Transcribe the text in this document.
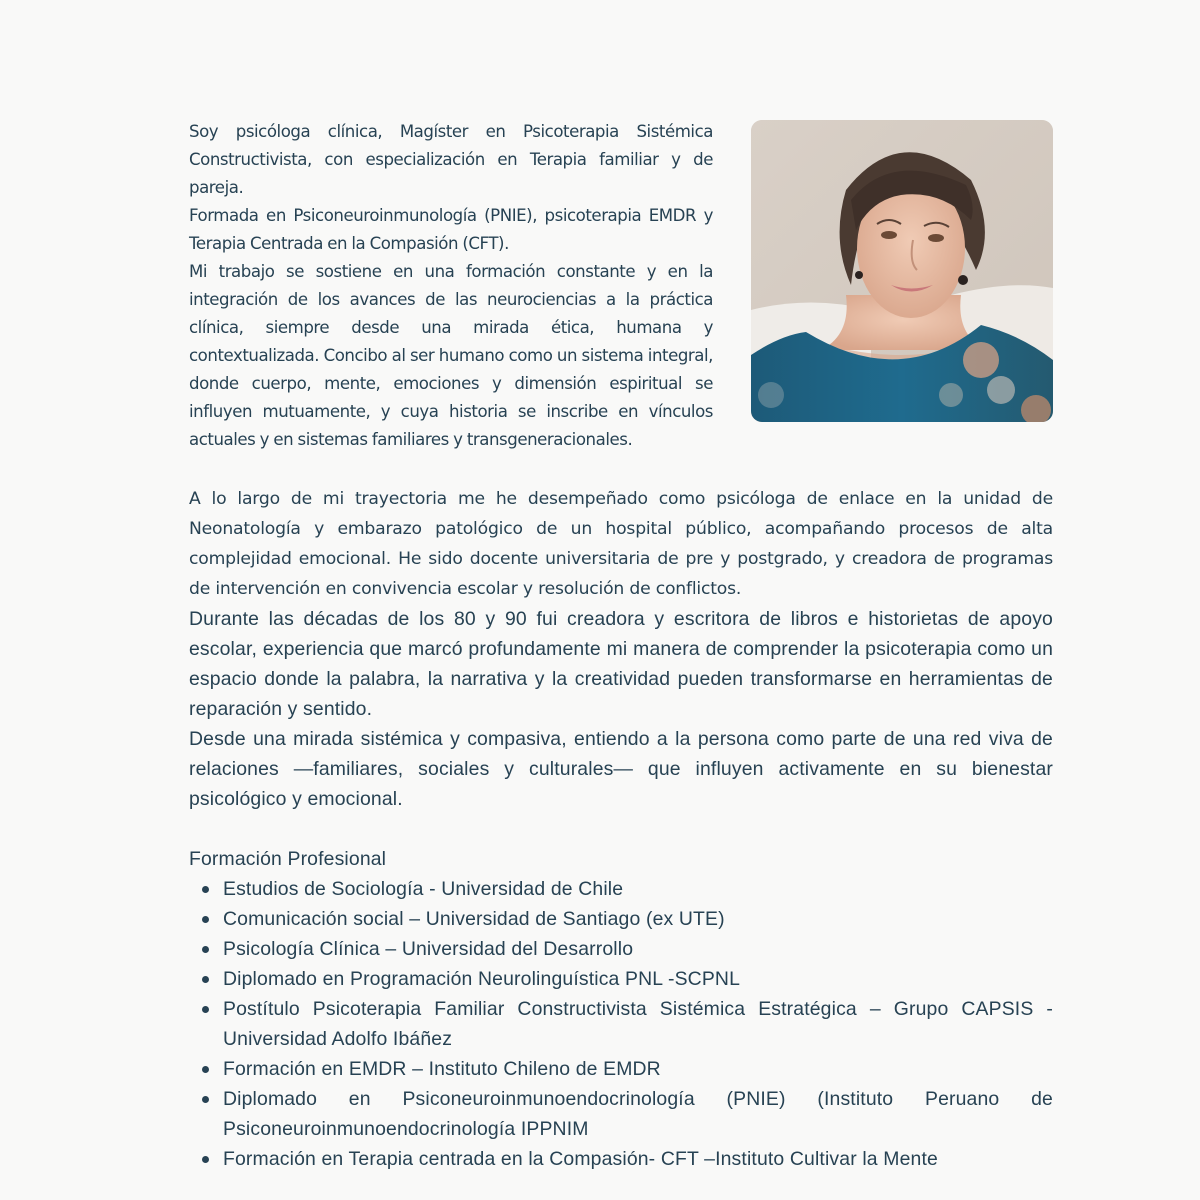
Soy psicóloga clínica, Magíster en Psicoterapia Sistémica Constructivista, con especialización en Terapia familiar y de pareja.

Formada en Psiconeuroinmunología (PNIE), psicoterapia EMDR y Terapia Centrada en la Compasión (CFT).

Mi trabajo se sostiene en una formación constante y en la integración de los avances de las neurociencias a la práctica clínica, siempre desde una mirada ética, humana y contextualizada. Concibo al ser humano como un sistema integral, donde cuerpo, mente, emociones y dimensión espiritual se influyen mutuamente, y cuya historia se inscribe en vínculos actuales y en sistemas familiares y transgeneracionales.

A lo largo de mi trayectoria me he desempeñado como psicóloga de enlace en la unidad de Neonatología y embarazo patológico de un hospital público, acompañando procesos de alta complejidad emocional. He sido docente universitaria de pre y postgrado, y creadora de programas de intervención en convivencia escolar y resolución de conflictos.

Durante las décadas de los 80 y 90 fui creadora y escritora de libros e historietas de apoyo escolar, experiencia que marcó profundamente mi manera de comprender la psicoterapia como un espacio donde la palabra, la narrativa y la creatividad pueden transformarse en herramientas de reparación y sentido.

Desde una mirada sistémica y compasiva, entiendo a la persona como parte de una red viva de relaciones —familiares, sociales y culturales— que influyen activamente en su bienestar psicológico y emocional.

Formación Profesional
Estudios de Sociología - Universidad de Chile
Comunicación social – Universidad de Santiago (ex UTE)
Psicología Clínica – Universidad del Desarrollo
Diplomado en Programación Neurolinguística PNL -SCPNL
Postítulo Psicoterapia Familiar Constructivista Sistémica Estratégica – Grupo CAPSIS - Universidad Adolfo Ibáñez
Formación en EMDR – Instituto Chileno de EMDR
Diplomado en Psiconeuroinmunoendocrinología (PNIE) (Instituto Peruano de Psiconeuroinmunoendocrinología IPPNIM
Formación en Terapia centrada en la Compasión- CFT –Instituto Cultivar la Mente
